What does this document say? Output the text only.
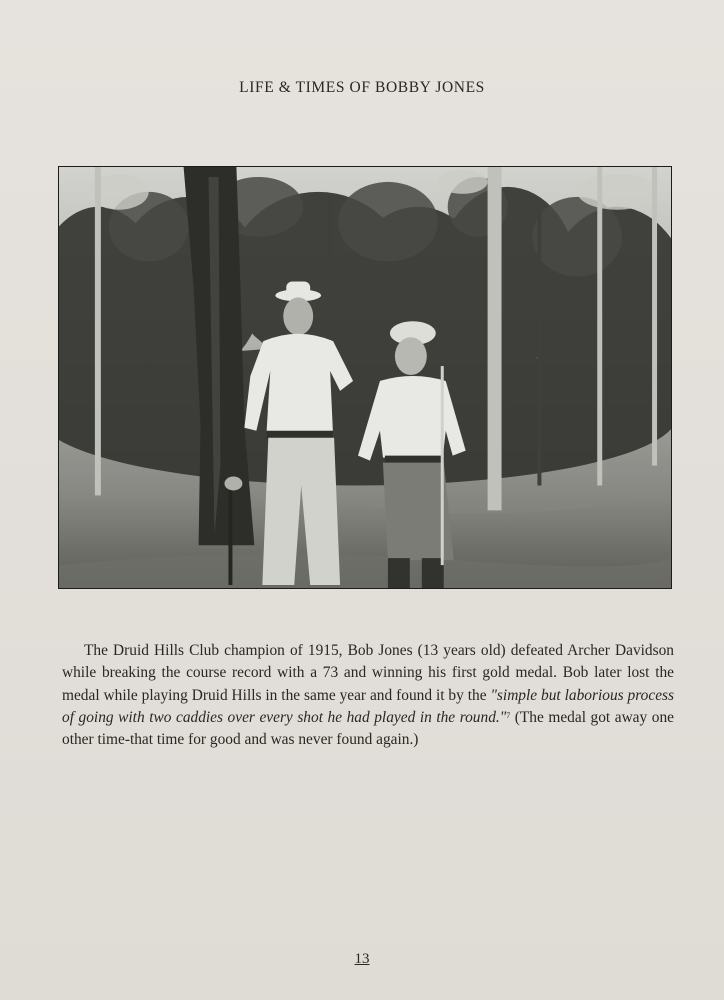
LIFE & TIMES OF BOBBY JONES
The Druid Hills Club champion of 1915, Bob Jones (13 years old) defeated Archer Davidson while breaking the course record with a 73 and winning his first gold medal. Bob later lost the medal while playing Druid Hills in the same year and found it by the "simple but laborious process of going with two caddies over every shot he had played in the round."$^7$ (The medal got away one other time-that time for good and was never found again.)
13
